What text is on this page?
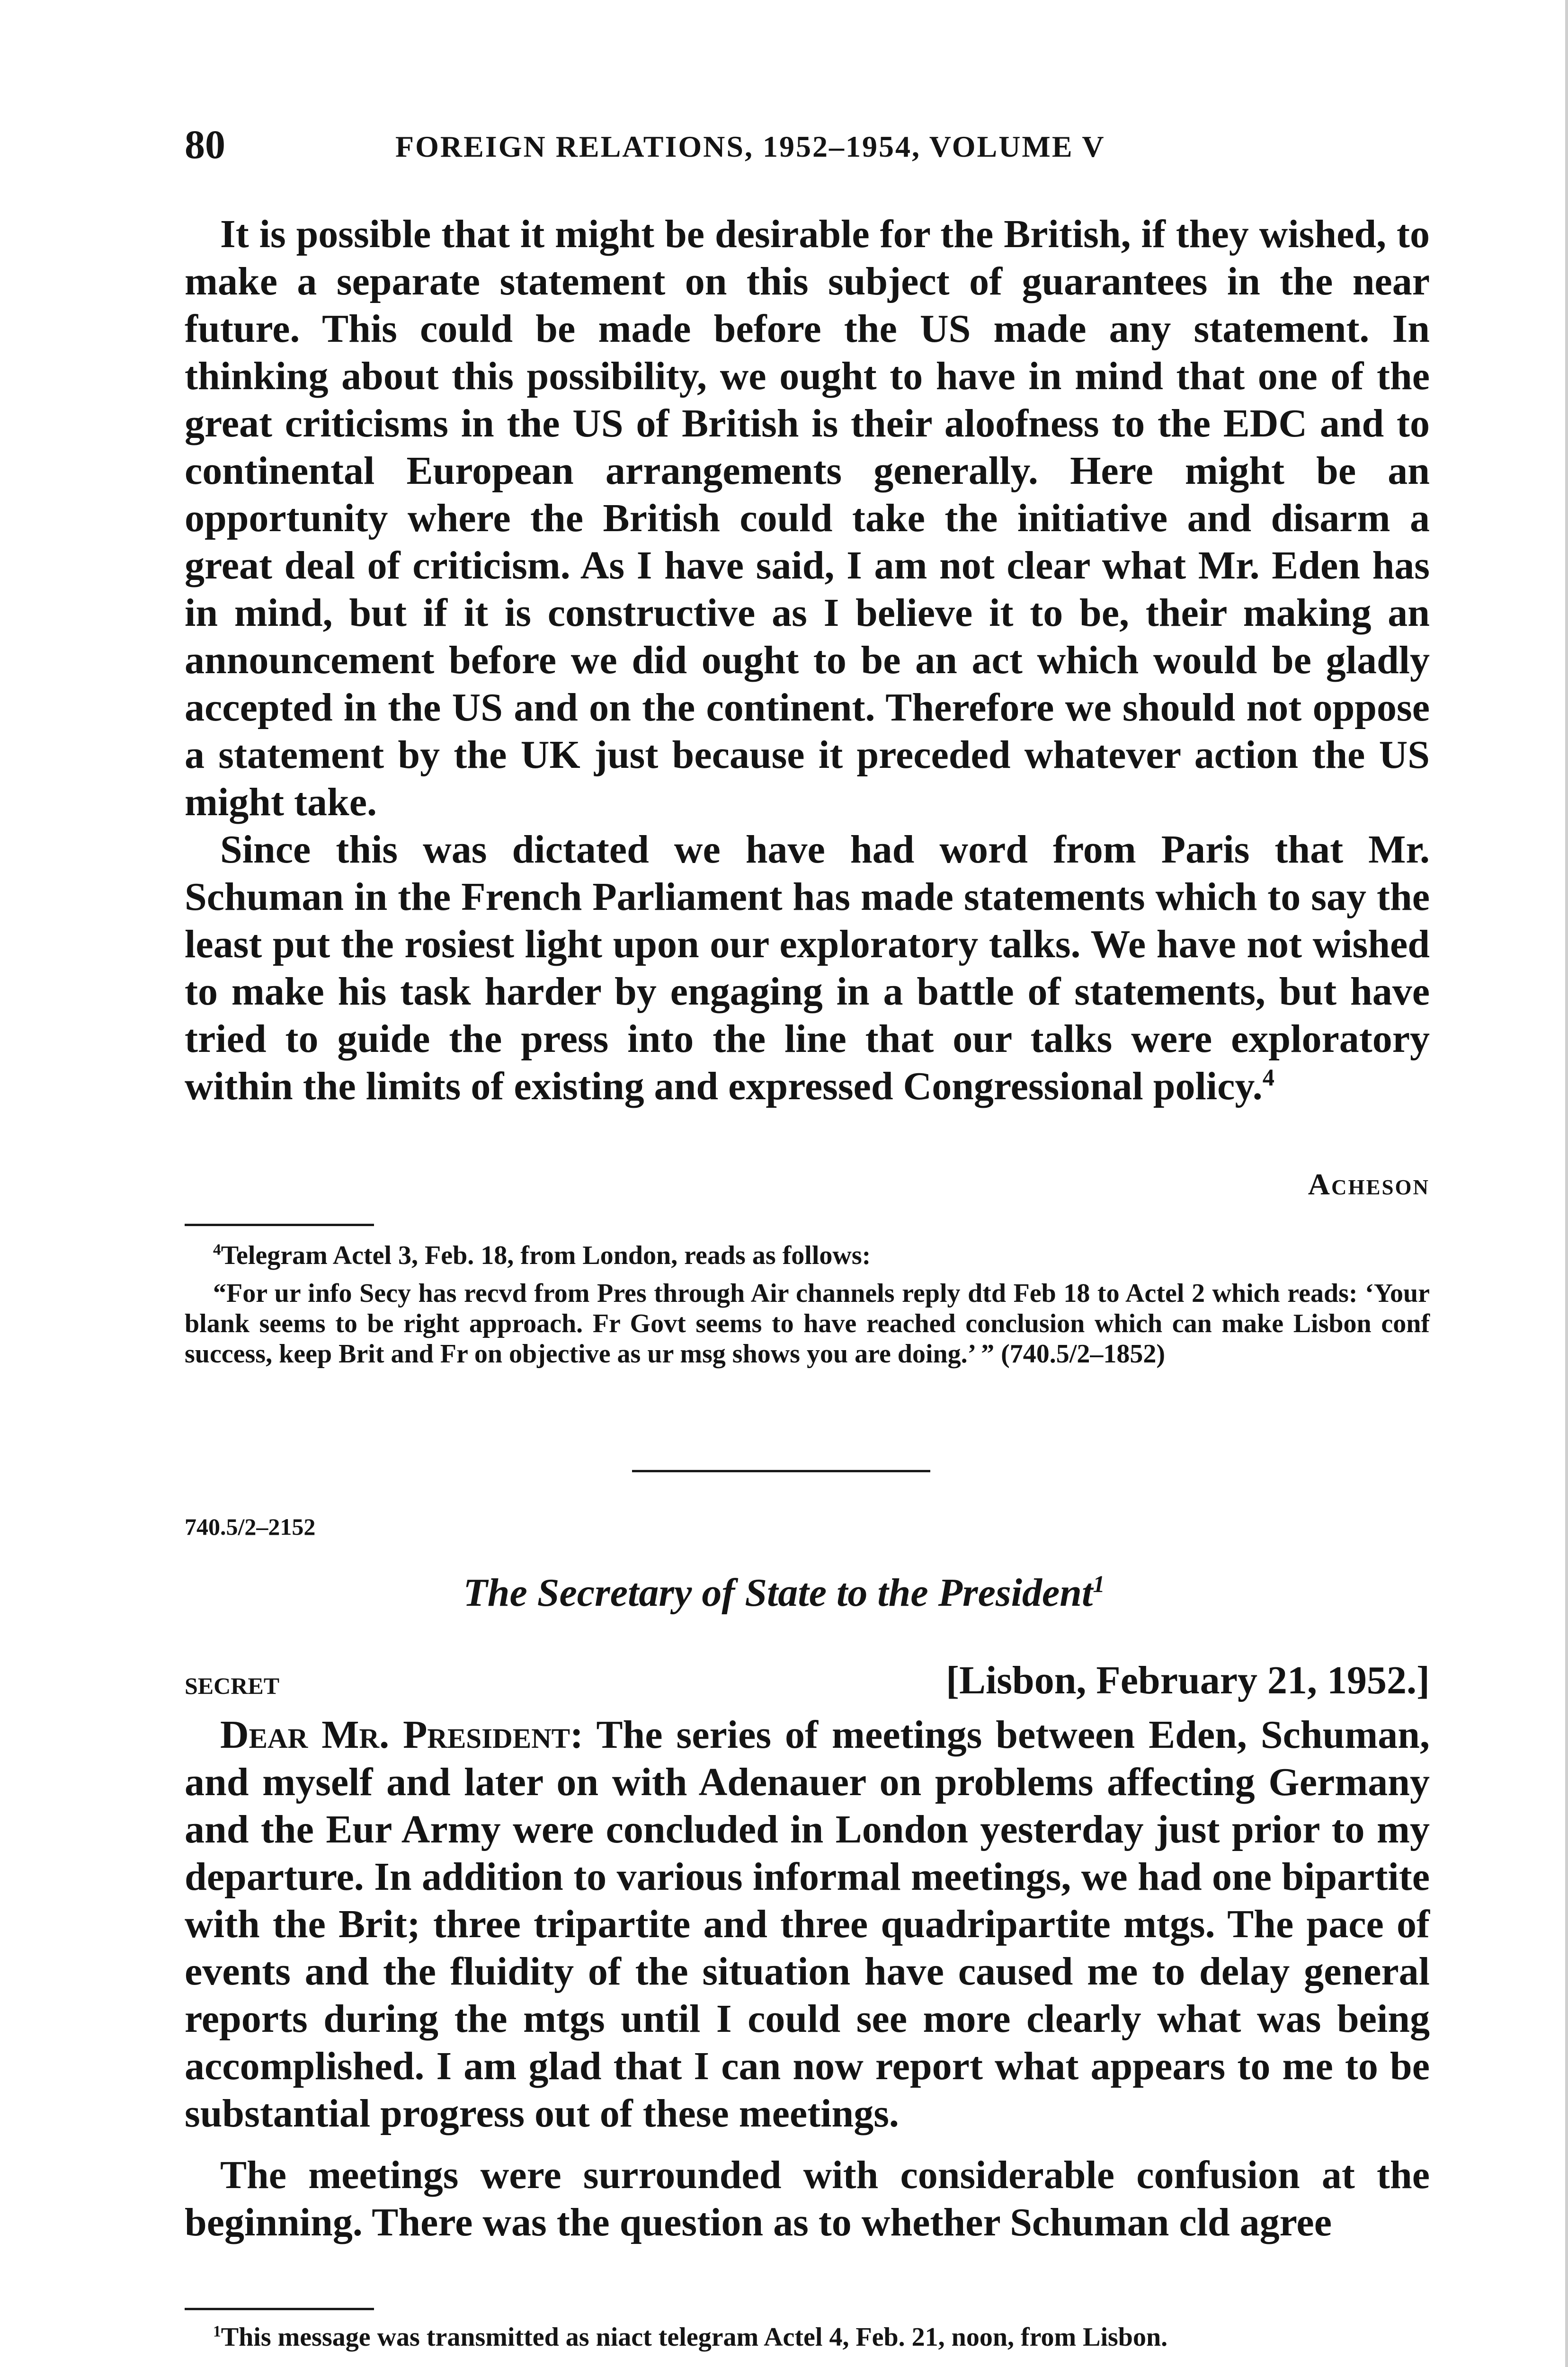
80	FOREIGN RELATIONS, 1952–1954, VOLUME V

It is possible that it might be desirable for the British, if they wished, to make a separate statement on this subject of guarantees in the near future. This could be made before the US made any statement. In thinking about this possibility, we ought to have in mind that one of the great criticisms in the US of British is their aloofness to the EDC and to continental European arrangements generally. Here might be an opportunity where the British could take the initiative and disarm a great deal of criticism. As I have said, I am not clear what Mr. Eden has in mind, but if it is constructive as I believe it to be, their making an announcement before we did ought to be an act which would be gladly accepted in the US and on the continent. Therefore we should not oppose a statement by the UK just because it preceded whatever action the US might take.

Since this was dictated we have had word from Paris that Mr. Schuman in the French Parliament has made statements which to say the least put the rosiest light upon our exploratory talks. We have not wished to make his task harder by engaging in a battle of statements, but have tried to guide the press into the line that our talks were exploratory within the limits of existing and expressed Congressional policy.$^4$

Acheson

$^4$Telegram Actel 3, Feb. 18, from London, reads as follows:

“For ur info Secy has recvd from Pres through Air channels reply dtd Feb 18 to Actel 2 which reads: ‘Your blank seems to be right approach. Fr Govt seems to have reached conclusion which can make Lisbon conf success, keep Brit and Fr on objective as ur msg shows you are doing.’ ” (740.5/2–1852)

740.5/2–2152
The Secretary of State to the President$^1$
SECRET	[Lisbon, February 21, 1952.]

Dear Mr. President: The series of meetings between Eden, Schuman, and myself and later on with Adenauer on problems affecting Germany and the Eur Army were concluded in London yesterday just prior to my departure. In addition to various informal meetings, we had one bipartite with the Brit; three tripartite and three quadripartite mtgs. The pace of events and the fluidity of the situation have caused me to delay general reports during the mtgs until I could see more clearly what was being accomplished. I am glad that I can now report what appears to me to be substantial progress out of these meetings.

The meetings were surrounded with considerable confusion at the beginning. There was the question as to whether Schuman cld agree

$^1$This message was transmitted as niact telegram Actel 4, Feb. 21, noon, from Lisbon.
